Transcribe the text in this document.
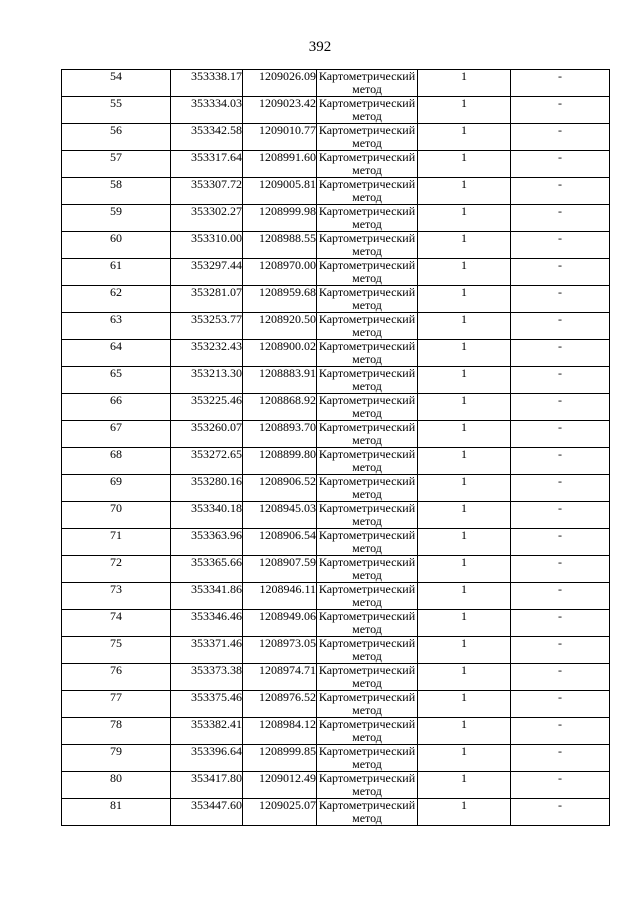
392
54	353338.17	1209026.09	Картометрический метод	1	-
55	353334.03	1209023.42	Картометрический метод	1	-
56	353342.58	1209010.77	Картометрический метод	1	-
57	353317.64	1208991.60	Картометрический метод	1	-
58	353307.72	1209005.81	Картометрический метод	1	-
59	353302.27	1208999.98	Картометрический метод	1	-
60	353310.00	1208988.55	Картометрический метод	1	-
61	353297.44	1208970.00	Картометрический метод	1	-
62	353281.07	1208959.68	Картометрический метод	1	-
63	353253.77	1208920.50	Картометрический метод	1	-
64	353232.43	1208900.02	Картометрический метод	1	-
65	353213.30	1208883.91	Картометрический метод	1	-
66	353225.46	1208868.92	Картометрический метод	1	-
67	353260.07	1208893.70	Картометрический метод	1	-
68	353272.65	1208899.80	Картометрический метод	1	-
69	353280.16	1208906.52	Картометрический метод	1	-
70	353340.18	1208945.03	Картометрический метод	1	-
71	353363.96	1208906.54	Картометрический метод	1	-
72	353365.66	1208907.59	Картометрический метод	1	-
73	353341.86	1208946.11	Картометрический метод	1	-
74	353346.46	1208949.06	Картометрический метод	1	-
75	353371.46	1208973.05	Картометрический метод	1	-
76	353373.38	1208974.71	Картометрический метод	1	-
77	353375.46	1208976.52	Картометрический метод	1	-
78	353382.41	1208984.12	Картометрический метод	1	-
79	353396.64	1208999.85	Картометрический метод	1	-
80	353417.80	1209012.49	Картометрический метод	1	-
81	353447.60	1209025.07	Картометрический метод	1	-
